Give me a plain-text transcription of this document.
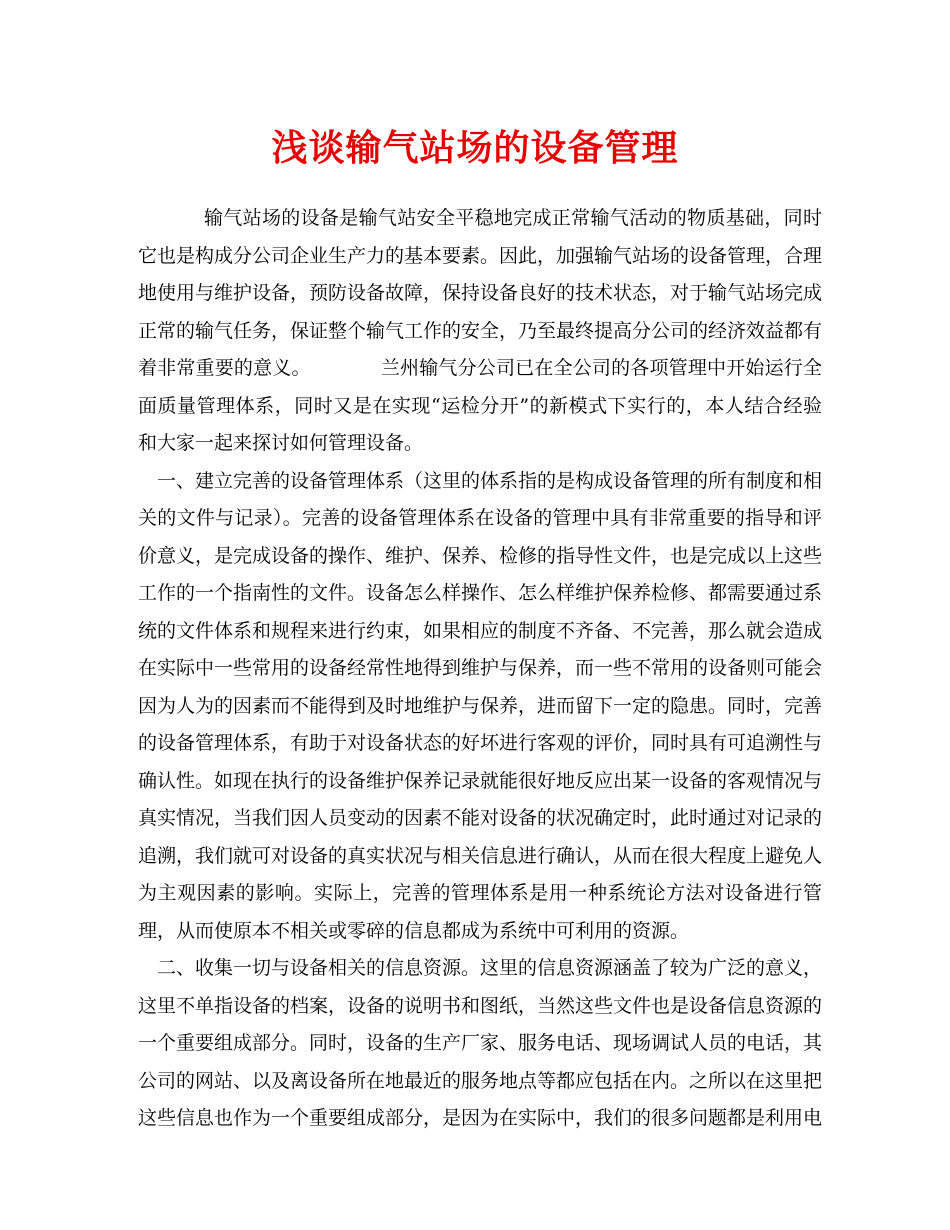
浅谈输气站场的设备管理

输气站场的设备是输气站安全平稳地完成正常输气活动的物质基础，同时它也是构成分公司企业生产力的基本要素。因此，加强输气站场的设备管理，合理地使用与维护设备，预防设备故障，保持设备良好的技术状态，对于输气站场完成正常的输气任务，保证整个输气工作的安全，乃至最终提高分公司的经济效益都有着非常重要的意义。	兰州输气分公司已在全公司的各项管理中开始运行全面质量管理体系，同时又是在实现“运检分开”的新模式下实行的，本人结合经验和大家一起来探讨如何管理设备。

一、建立完善的设备管理体系（这里的体系指的是构成设备管理的所有制度和相关的文件与记录）。完善的设备管理体系在设备的管理中具有非常重要的指导和评价意义，是完成设备的操作、维护、保养、检修的指导性文件，也是完成以上这些工作的一个指南性的文件。设备怎么样操作、怎么样维护保养检修、都需要通过系统的文件体系和规程来进行约束，如果相应的制度不齐备、不完善，那么就会造成在实际中一些常用的设备经常性地得到维护与保养，而一些不常用的设备则可能会因为人为的因素而不能得到及时地维护与保养，进而留下一定的隐患。同时，完善的设备管理体系，有助于对设备状态的好坏进行客观的评价，同时具有可追溯性与确认性。如现在执行的设备维护保养记录就能很好地反应出某一设备的客观情况与真实情况，当我们因人员变动的因素不能对设备的状况确定时，此时通过对记录的追溯，我们就可对设备的真实状况与相关信息进行确认，从而在很大程度上避免人为主观因素的影响。实际上，完善的管理体系是用一种系统论方法对设备进行管理，从而使原本不相关或零碎的信息都成为系统中可利用的资源。

二、收集一切与设备相关的信息资源。这里的信息资源涵盖了较为广泛的意义，这里不单指设备的档案，设备的说明书和图纸，当然这些文件也是设备信息资源的一个重要组成部分。同时，设备的生产厂家、服务电话、现场调试人员的电话，其公司的网站、以及离设备所在地最近的服务地点等都应包括在内。之所以在这里把这些信息也作为一个重要组成部分，是因为在实际中，我们的很多问题都是利用电
